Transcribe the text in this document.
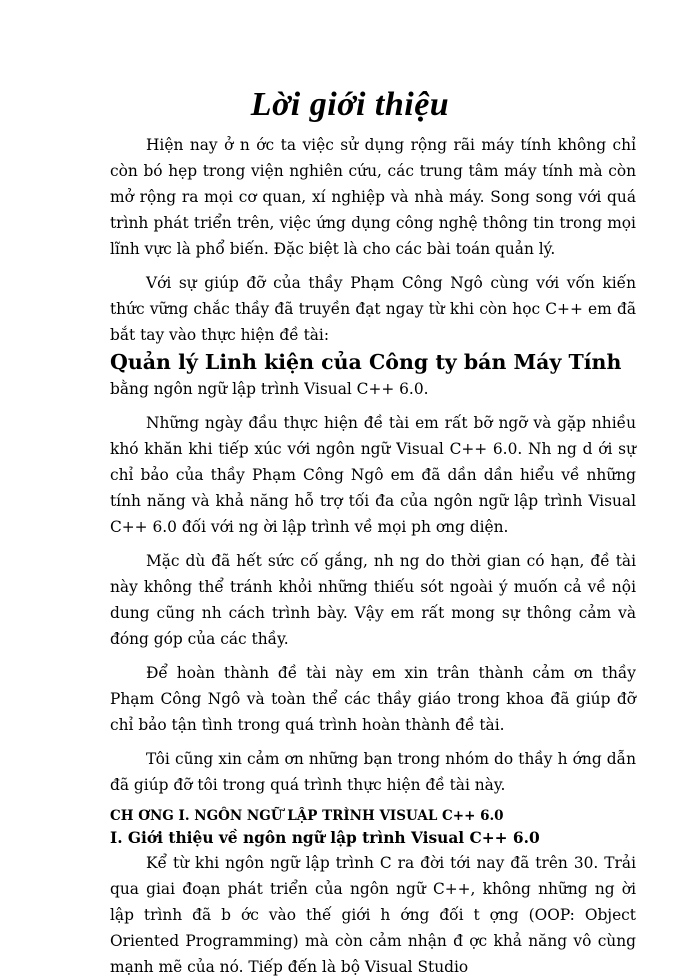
Lời giới thiệu

Hiện nay ở n ớc ta việc sử dụng rộng rãi máy tính không chỉ còn bó hẹp trong viện nghiên cứu, các trung tâm máy tính mà còn mở rộng ra mọi cơ quan, xí nghiệp và nhà máy. Song song với quá trình phát triển trên, việc ứng dụng công nghệ thông tin trong mọi lĩnh vực là phổ biến. Đặc biệt là cho các bài toán quản lý.

Với sự giúp đỡ của thầy Phạm Công Ngô cùng với vốn kiến thức vững chắc thầy đã truyền đạt ngay từ khi còn học C++ em đã bắt tay vào thực hiện đề tài:

Quản lý Linh kiện của Công ty bán Máy Tính

bằng ngôn ngữ lập trình Visual C++ 6.0.

Những ngày đầu thực hiện đề tài em rất bỡ ngỡ và gặp nhiều khó khăn khi tiếp xúc với ngôn ngữ Visual C++ 6.0. Nh ng d ới sự chỉ bảo của thầy Phạm Công Ngô em đã dần dần hiểu về những tính năng và khả năng hỗ trợ tối đa của ngôn ngữ lập trình Visual C++ 6.0 đối với ng ời lập trình về mọi ph ơng diện.

Mặc dù đã hết sức cố gắng, nh ng do thời gian có hạn, đề tài này không thể tránh khỏi những thiếu sót ngoài ý muốn cả về nội dung cũng nh cách trình bày. Vậy em rất mong sự thông cảm và đóng góp của các thầy.

Để hoàn thành đề tài này em xin trân thành cảm ơn thầy Phạm Công Ngô và toàn thể các thầy giáo trong khoa đã giúp đỡ chỉ bảo tận tình trong quá trình hoàn thành đề tài.

Tôi cũng xin cảm ơn những bạn trong nhóm do thầy h ớng dẫn đã giúp đỡ tôi trong quá trình thực hiện đề tài này.

CH ƠNG I. NGÔN NGỮ LẬP TRÌNH VISUAL C++ 6.0

I. Giới thiệu về ngôn ngữ lập trình Visual C++ 6.0

Kể từ khi ngôn ngữ lập trình C ra đời tới nay đã trên 30. Trải qua giai đoạn phát triển của ngôn ngữ C++, không những ng ời lập trình đã b ớc vào thế giới h ớng đối t ợng (OOP: Object Oriented Programming) mà còn cảm nhận đ ợc khả năng vô cùng mạnh mẽ của nó. Tiếp đến là bộ Visual Studio
